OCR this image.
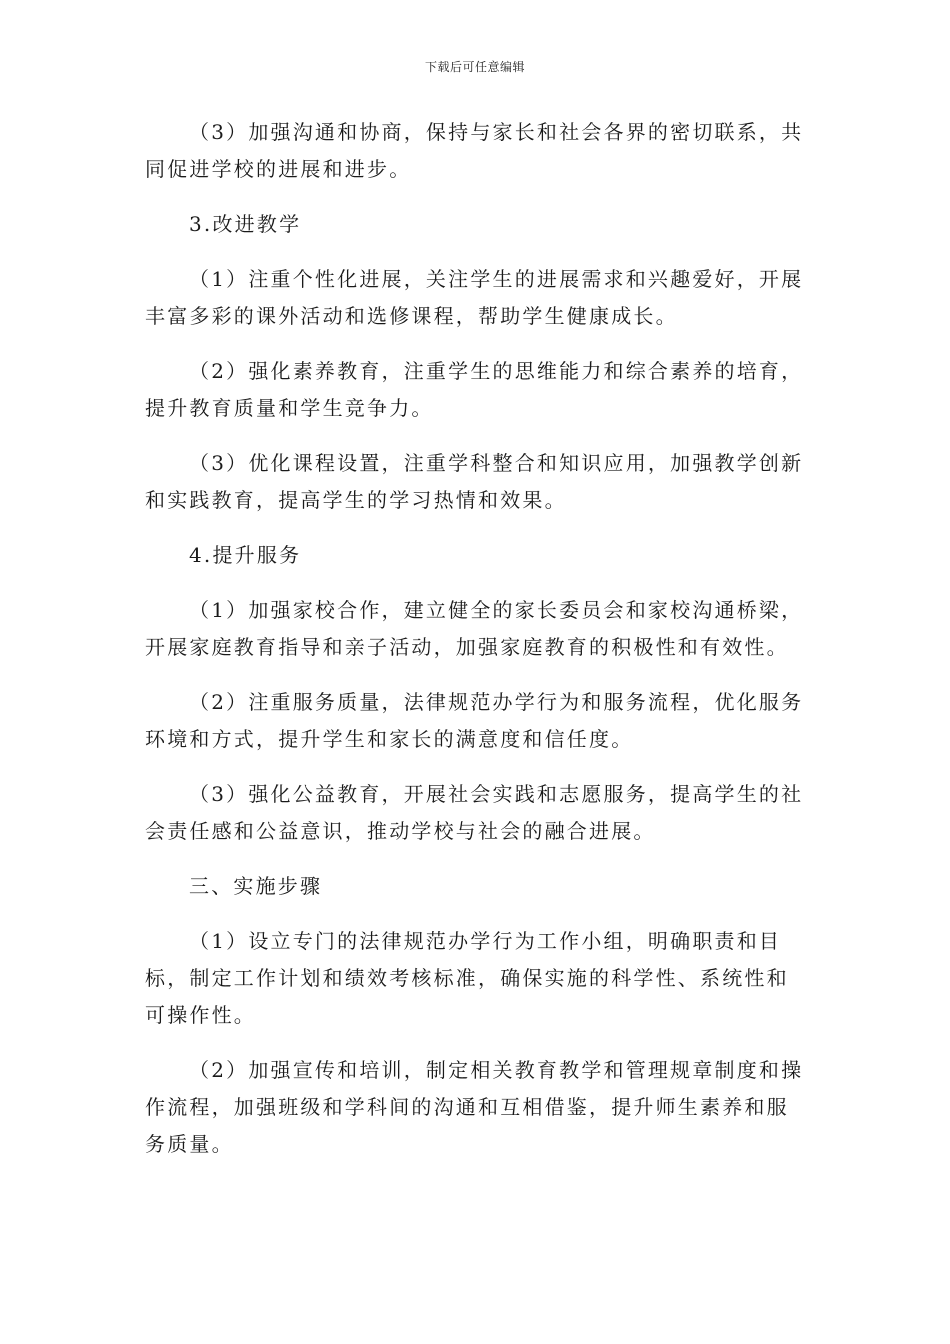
下载后可任意编辑

（3）加强沟通和协商，保持与家长和社会各界的密切联系，共同促进学校的进展和进步。

3.改进教学

（1）注重个性化进展，关注学生的进展需求和兴趣爱好，开展丰富多彩的课外活动和选修课程，帮助学生健康成长。

（2）强化素养教育，注重学生的思维能力和综合素养的培育，提升教育质量和学生竞争力。

（3）优化课程设置，注重学科整合和知识应用，加强教学创新和实践教育，提高学生的学习热情和效果。

4.提升服务

（1）加强家校合作，建立健全的家长委员会和家校沟通桥梁，开展家庭教育指导和亲子活动，加强家庭教育的积极性和有效性。

（2）注重服务质量，法律规范办学行为和服务流程，优化服务环境和方式，提升学生和家长的满意度和信任度。

（3）强化公益教育，开展社会实践和志愿服务，提高学生的社会责任感和公益意识，推动学校与社会的融合进展。

三、实施步骤

（1）设立专门的法律规范办学行为工作小组，明确职责和目标，制定工作计划和绩效考核标准，确保实施的科学性、系统性和可操作性。

（2）加强宣传和培训，制定相关教育教学和管理规章制度和操作流程，加强班级和学科间的沟通和互相借鉴，提升师生素养和服务质量。
